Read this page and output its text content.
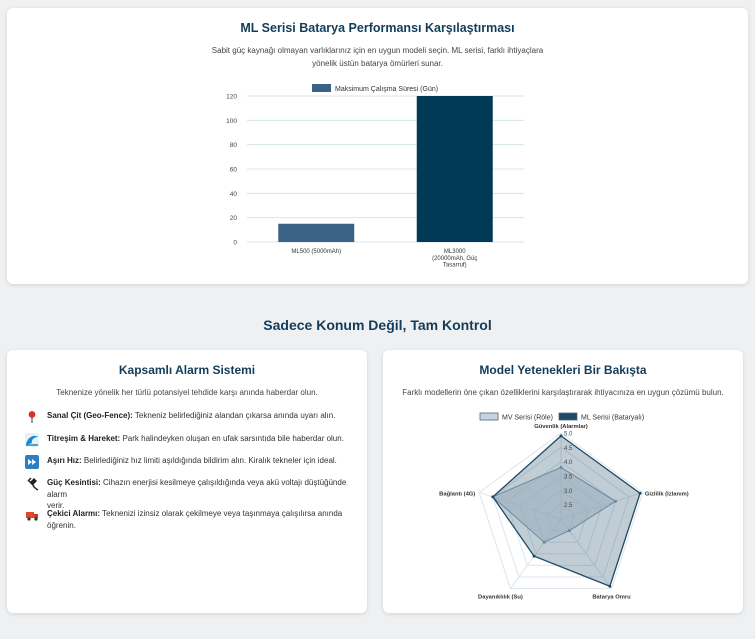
ML Serisi Batarya Performansı Karşılaştırması
Sabit güç kaynağı olmayan varlıklarınız için en uygun modeli seçin. ML serisi, farklı ihtiyaçlara
yönelik üstün batarya ömürleri sunar.
Maksimum Çalışma Süresi (Gün)
0
20
40
60
80
100
120
ML500 (5000mAh)	ML3000
(20000mAh, Güç
Tasarruf)
Sadece Konum Değil, Tam Kontrol
Kapsamlı Alarm Sistemi
Teknenize yönelik her türlü potansiyel tehdide karşı anında haberdar olun.
Sanal Çit (Geo-Fence): Tekneniz belirlediğiniz alandan çıkarsa anında uyarı alın.
Titreşim & Hareket: Park halindeyken oluşan en ufak sarsıntıda bile haberdar olun.
Aşırı Hız: Belirlediğiniz hız limiti aşıldığında bildirim alın. Kiralık tekneler için ideal.
Güç Kesintisi: Cihazın enerjisi kesilmeye çalışıldığında veya akü voltajı düştüğünde alarm
verir.
Çekici Alarmı: Teknenizi izinsiz olarak çekilmeye veya taşınmaya çalışılırsa anında
öğrenin.
Model Yetenekleri Bir Bakışta
Farklı modellerin öne çıkan özelliklerini karşılaştırarak ihtiyacınıza en uygun çözümü bulun.
MV Serisi (Röle)	ML Serisi (Bataryalı)
2.5
3.0
3.5
4.0
4.5
5.0
Güvenlik (Alarmlar)
Gizlilik (Izlanım)
Batarya Omru
Dayanıklılık (Su)
Bağlantı (4G)
